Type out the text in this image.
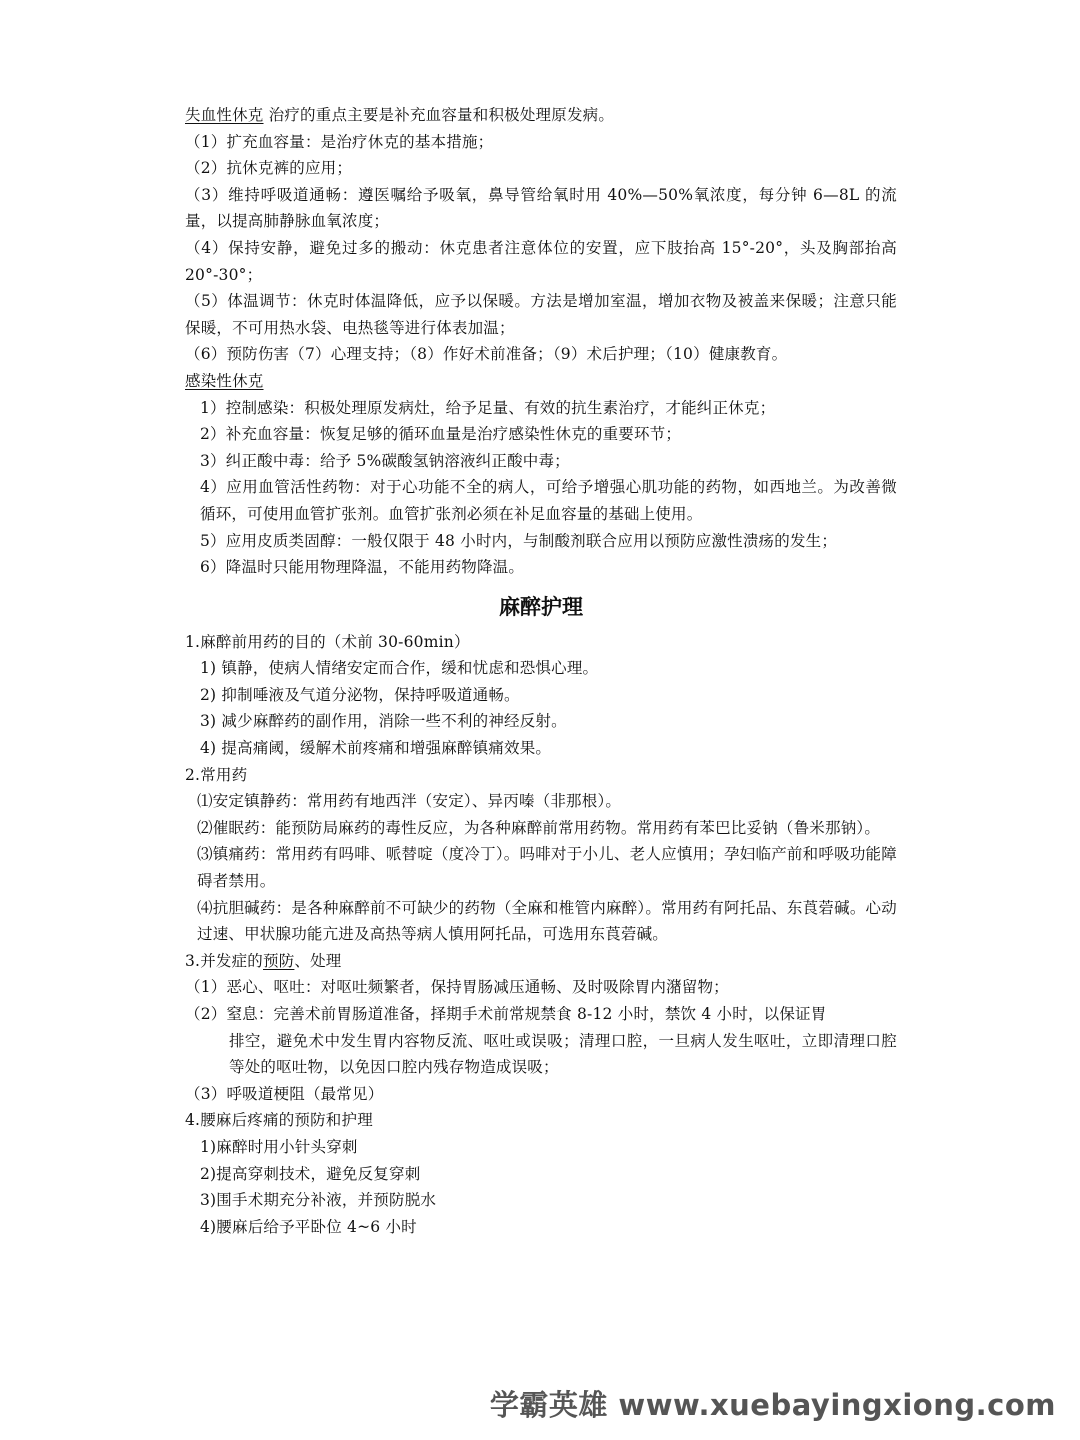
失血性休克 治疗的重点主要是补充血容量和积极处理原发病。
（1）扩充血容量：是治疗休克的基本措施；
（2）抗休克裤的应用；
（3）维持呼吸道通畅：遵医嘱给予吸氧，鼻导管给氧时用 40%—50%氧浓度，每分钟 6—8L 的流量，以提高肺静脉血氧浓度；
（4）保持安静，避免过多的搬动：休克患者注意体位的安置，应下肢抬高 15°-20°，头及胸部抬高 20°-30°；
（5）体温调节：休克时体温降低，应予以保暖。方法是增加室温，增加衣物及被盖来保暖；注意只能保暖，不可用热水袋、电热毯等进行体表加温；
（6）预防伤害（7）心理支持；（8）作好术前准备；（9）术后护理；（10）健康教育。
感染性休克
1）控制感染：积极处理原发病灶，给予足量、有效的抗生素治疗，才能纠正休克；
2）补充血容量：恢复足够的循环血量是治疗感染性休克的重要环节；
3）纠正酸中毒：给予 5%碳酸氢钠溶液纠正酸中毒；
4）应用血管活性药物：对于心功能不全的病人，可给予增强心肌功能的药物，如西地兰。为改善微循环，可使用血管扩张剂。血管扩张剂必须在补足血容量的基础上使用。
5）应用皮质类固醇：一般仅限于 48 小时内，与制酸剂联合应用以预防应激性溃疡的发生；
6）降温时只能用物理降温，不能用药物降温。
麻醉护理
1.麻醉前用药的目的（术前 30-60min）
1) 镇静，使病人情绪安定而合作，缓和忧虑和恐惧心理。
2) 抑制唾液及气道分泌物，保持呼吸道通畅。
3) 减少麻醉药的副作用，消除一些不利的神经反射。
4) 提高痛阈，缓解术前疼痛和增强麻醉镇痛效果。
2.常用药
⑴安定镇静药：常用药有地西泮（安定）、异丙嗪（非那根）。
⑵催眠药：能预防局麻药的毒性反应，为各种麻醉前常用药物。常用药有苯巴比妥钠（鲁米那钠）。
⑶镇痛药：常用药有吗啡、哌替啶（度冷丁）。吗啡对于小儿、老人应慎用；孕妇临产前和呼吸功能障碍者禁用。
⑷抗胆碱药：是各种麻醉前不可缺少的药物（全麻和椎管内麻醉）。常用药有阿托品、东莨菪碱。心动过速、甲状腺功能亢进及高热等病人慎用阿托品，可选用东莨菪碱。
3.并发症的预防、处理
（1）恶心、呕吐：对呕吐频繁者，保持胃肠减压通畅、及时吸除胃内潴留物；
（2）窒息：完善术前胃肠道准备，择期手术前常规禁食 8-12 小时，禁饮 4 小时，以保证胃
排空，避免术中发生胃内容物反流、呕吐或误吸；清理口腔，一旦病人发生呕吐，立即清理口腔等处的呕吐物，以免因口腔内残存物造成误吸；
（3）呼吸道梗阻（最常见）
4.腰麻后疼痛的预防和护理
1)麻醉时用小针头穿刺
2)提高穿刺技术，避免反复穿刺
3)围手术期充分补液，并预防脱水
4)腰麻后给予平卧位 4~6 小时
学霸英雄 www.xuebayingxiong.com
